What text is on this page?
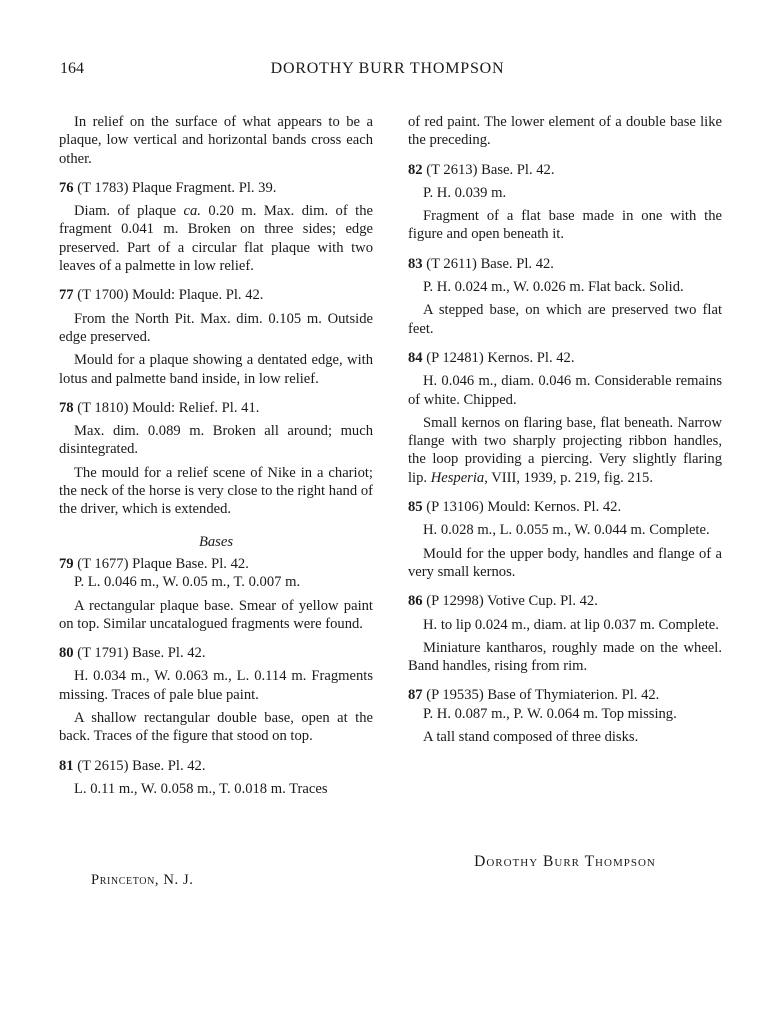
164	DOROTHY BURR THOMPSON

In relief on the surface of what appears to be a plaque, low vertical and horizontal bands cross each other.

76 (T 1783) Plaque Fragment. Pl. 39.

Diam. of plaque ca. 0.20 m. Max. dim. of the fragment 0.041 m. Broken on three sides; edge preserved. Part of a circular flat plaque with two leaves of a palmette in low relief.

77 (T 1700) Mould: Plaque. Pl. 42.

From the North Pit. Max. dim. 0.105 m. Outside edge preserved.

Mould for a plaque showing a dentated edge, with lotus and palmette band inside, in low relief.

78 (T 1810) Mould: Relief. Pl. 41.

Max. dim. 0.089 m. Broken all around; much disintegrated.

The mould for a relief scene of Nike in a chariot; the neck of the horse is very close to the right hand of the driver, which is extended.

Bases

79 (T 1677) Plaque Base. Pl. 42.

P. L. 0.046 m., W. 0.05 m., T. 0.007 m.

A rectangular plaque base. Smear of yellow paint on top. Similar uncatalogued fragments were found.

80 (T 1791) Base. Pl. 42.

H. 0.034 m., W. 0.063 m., L. 0.114 m. Fragments missing. Traces of pale blue paint.

A shallow rectangular double base, open at the back. Traces of the figure that stood on top.

81 (T 2615) Base. Pl. 42.

L. 0.11 m., W. 0.058 m., T. 0.018 m. Traces

of red paint. The lower element of a double base like the preceding.

82 (T 2613) Base. Pl. 42.

P. H. 0.039 m.

Fragment of a flat base made in one with the figure and open beneath it.

83 (T 2611) Base. Pl. 42.

P. H. 0.024 m., W. 0.026 m. Flat back. Solid.

A stepped base, on which are preserved two flat feet.

84 (P 12481) Kernos. Pl. 42.

H. 0.046 m., diam. 0.046 m. Considerable remains of white. Chipped.

Small kernos on flaring base, flat beneath. Narrow flange with two sharply projecting ribbon handles, the loop providing a piercing. Very slightly flaring lip. Hesperia, VIII, 1939, p. 219, fig. 215.

85 (P 13106) Mould: Kernos. Pl. 42.

H. 0.028 m., L. 0.055 m., W. 0.044 m. Complete.

Mould for the upper body, handles and flange of a very small kernos.

86 (P 12998) Votive Cup. Pl. 42.

H. to lip 0.024 m., diam. at lip 0.037 m. Complete.

Miniature kantharos, roughly made on the wheel. Band handles, rising from rim.

87 (P 19535) Base of Thymiaterion. Pl. 42.

P. H. 0.087 m., P. W. 0.064 m. Top missing.

A tall stand composed of three disks.

Princeton, N. J.
Dorothy Burr Thompson
